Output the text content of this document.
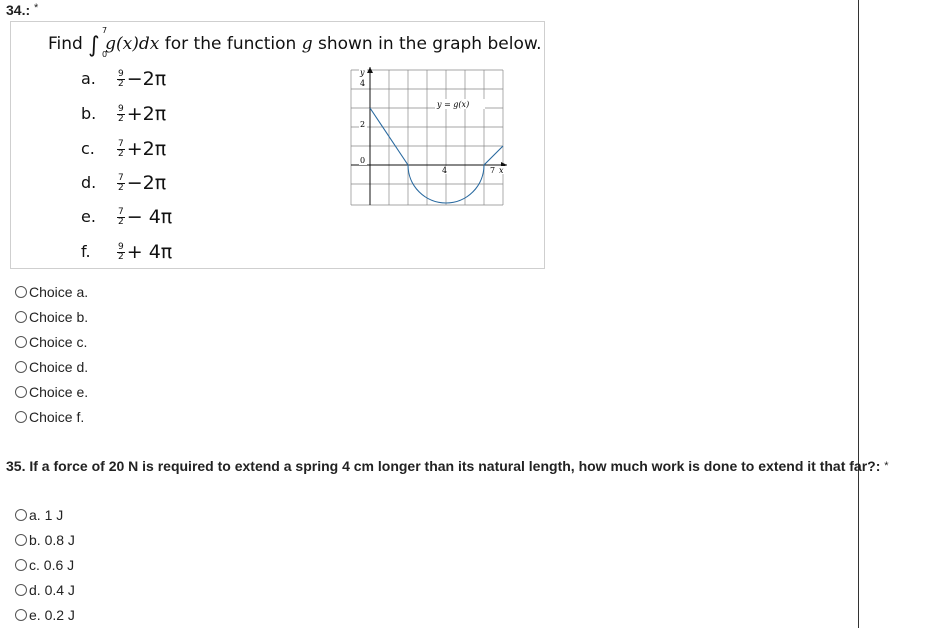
34.: *
Find ∫
7
0
g(x)dx for the function g shown in the graph below.
a. $\frac{9}{2} -2\pi$
b. $\frac{9}{2} +2\pi$
c. $\frac{7}{2} +2\pi$
d. $\frac{7}{2} -2\pi$
e. $\frac{7}{2} - 4\pi$
f.	$\frac{9}{2} + 4\pi$
y
4
2
0
4	7 x
y = g(x)
Choice a.
Choice b.
Choice c.
Choice d.
Choice e.
Choice f.
35. If a force of 20 N is required to extend a spring 4 cm longer than its natural length, how much work is done to extend it that far?: *
a. 1 J
b. 0.8 J
c. 0.6 J
d. 0.4 J
e. 0.2 J
